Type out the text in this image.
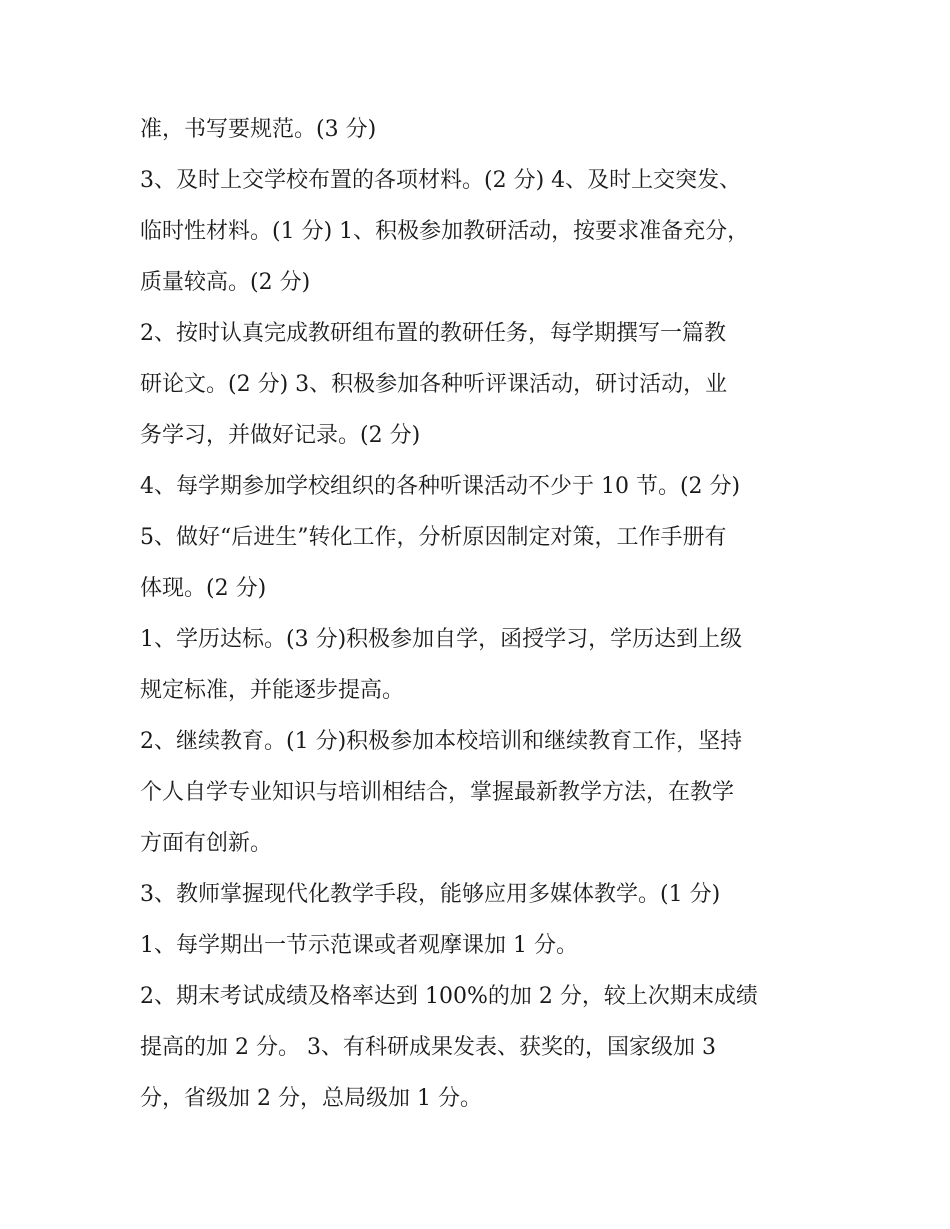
准，书写要规范。(3 分)
3、及时上交学校布置的各项材料。(2 分) 4、及时上交突发、
临时性材料。(1 分) 1、积极参加教研活动，按要求准备充分，
质量较高。(2 分)
2、按时认真完成教研组布置的教研任务，每学期撰写一篇教
研论文。(2 分) 3、积极参加各种听评课活动，研讨活动，业
务学习，并做好记录。(2 分)
4、每学期参加学校组织的各种听课活动不少于 10 节。(2 分)
5、做好“后进生”转化工作，分析原因制定对策，工作手册有
体现。(2 分)
1、学历达标。(3 分)积极参加自学，函授学习，学历达到上级
规定标准，并能逐步提高。
2、继续教育。(1 分)积极参加本校培训和继续教育工作，坚持
个人自学专业知识与培训相结合，掌握最新教学方法，在教学
方面有创新。
3、教师掌握现代化教学手段，能够应用多媒体教学。(1 分)
1、每学期出一节示范课或者观摩课加 1 分。
2、期末考试成绩及格率达到 100%的加 2 分，较上次期末成绩
提高的加 2 分。 3、有科研成果发表、获奖的，国家级加 3
分，省级加 2 分，总局级加 1 分。
